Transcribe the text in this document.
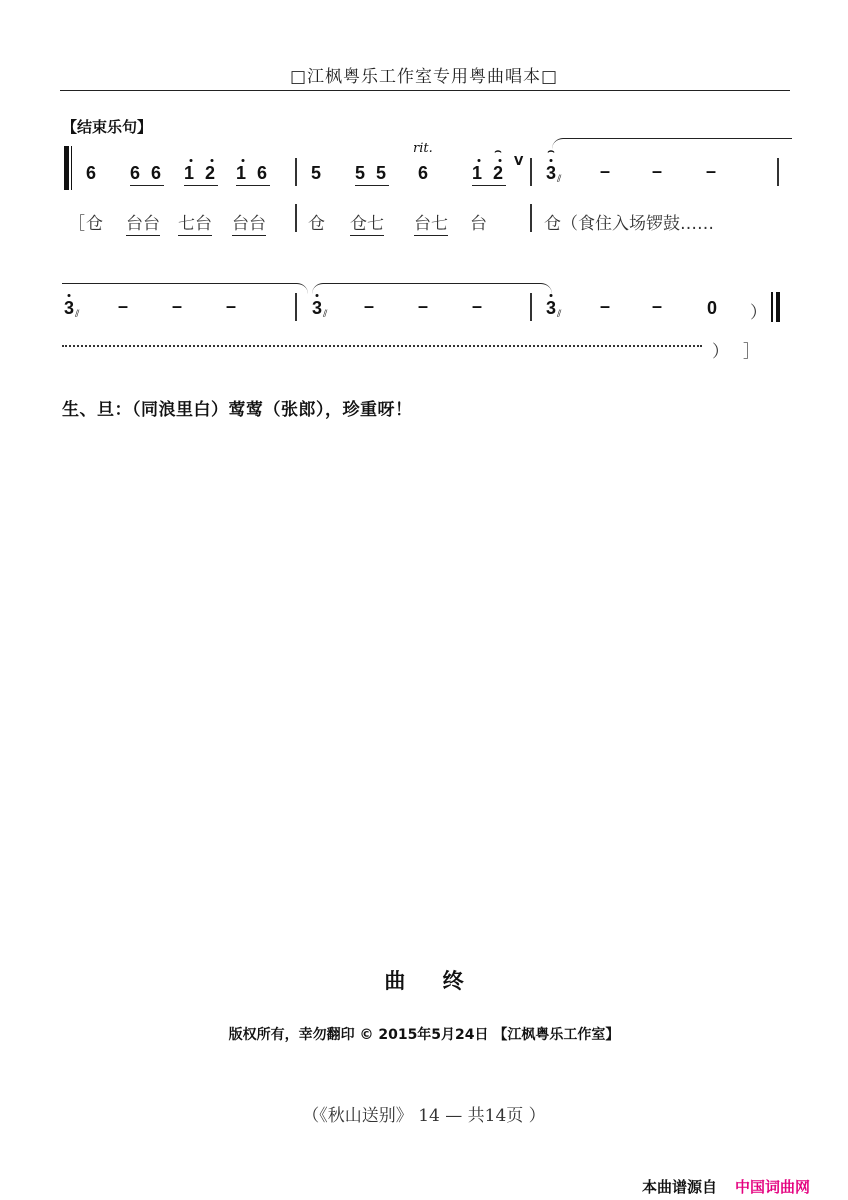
□江枫粤乐工作室专用粤曲唱本□
【结束乐句】
6 6 6 1 2 1 6 5 5 5
rit.
6 1
⌢
2
V
⌢
3⫽ – – –
［ 仓 台台 七台 台台 仓 仓七 台七 台	仓（食住入场锣鼓……
3⫽ – – –	3⫽ – – –	3⫽ – – 0 ）
） ］
生、旦：（同浪里白）莺莺（张郎），珍重呀！
曲 终
版权所有，幸勿翻印 © 2015年5月24日 【江枫粤乐工作室】
（《秋山送别》 14 — 共14页 ）
本曲谱源自 中国词曲网
